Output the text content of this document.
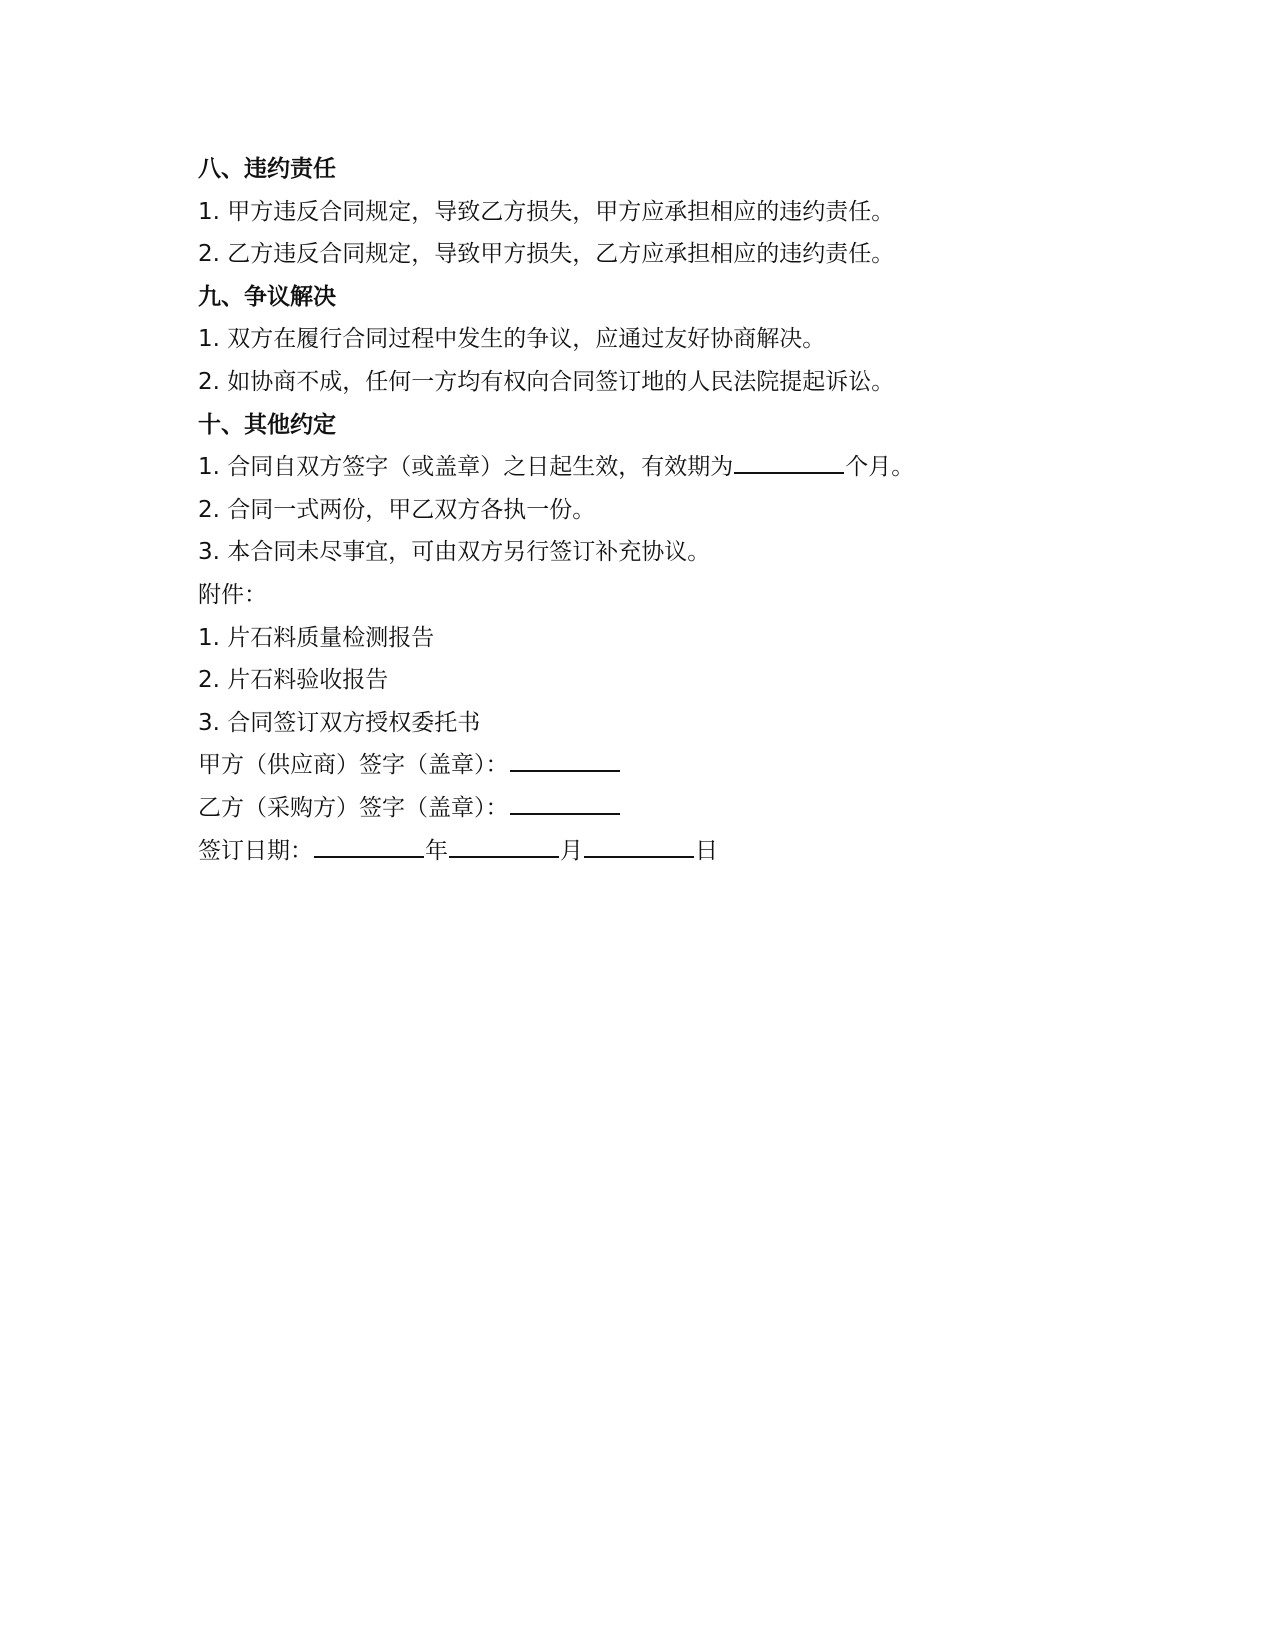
八、违约责任
1. 甲方违反合同规定，导致乙方损失，甲方应承担相应的违约责任。
2. 乙方违反合同规定，导致甲方损失，乙方应承担相应的违约责任。
九、争议解决
1. 双方在履行合同过程中发生的争议，应通过友好协商解决。
2. 如协商不成，任何一方均有权向合同签订地的人民法院提起诉讼。
十、其他约定
1. 合同自双方签字（或盖章）之日起生效，有效期为	个月。
2. 合同一式两份，甲乙双方各执一份。
3. 本合同未尽事宜，可由双方另行签订补充协议。
附件：
1. 片石料质量检测报告
2. 片石料验收报告
3. 合同签订双方授权委托书
甲方（供应商）签字（盖章）：
乙方（采购方）签字（盖章）：
签订日期：	年	月	日
